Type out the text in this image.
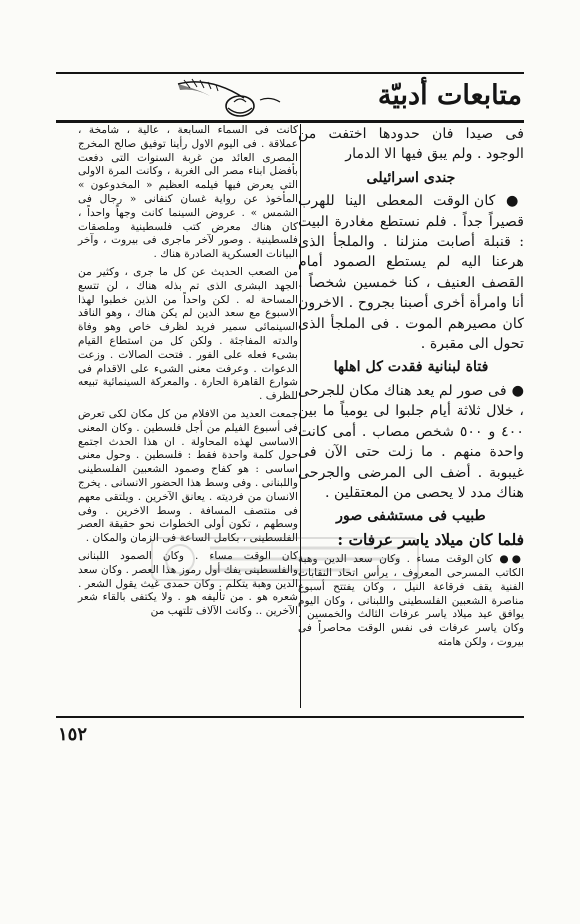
متابعات أدبيّة

فى صيدا فان حدودها اختفت من الوجود . ولم يبق فيها الا الدمار

جندى اسرائيلى

● كان الوقت المعطى الينا للهرب قصيراً جداً . فلم نستطع مغادرة البيت : قنبلة أصابت منزلنا . والملجأ الذى هرعنا اليه لم يستطع الصمود أمام القصف العنيف ، كنا خمسين شخصاً . أنا وامرأة أخرى أصبنا بجروح . الاخرون كان مصيرهم الموت . فى الملجأ الذى تحول الى مقبرة .

فتاة لبنانية فقدت كل اهلها

● فى صور لم يعد هناك مكان للجرحى ، خلال ثلاثة أيام جلبوا لى يومياً ما بين ٤٠٠ و ٥٠٠ شخص مصاب . أمى كانت واحدة منهم . ما زلت حتى الآن فى غيبوبة . أضف الى المرضى والجرحى هناك مدد لا يحصى من المعتقلين .

طبيب فى مستشفى صور

فلما كان ميلاد ياسر عرفات :

●● كان الوقت مساء . وكان سعد الدين وهبة الكاتب المسرحى المعروف ، يرأس اتحاد النقابات الفنية يقف فرقاعة النيل ، وكان يفتتح أسبوع مناصرة الشعبين الفلسطينى واللبنانى ، وكان اليوم يوافق عيد ميلاد ياسر عرفات الثالث والخمسين . وكان ياسر عرفات فى نفس الوقت محاصراً فى بيروت ، ولكن هامته

كانت فى السماء السابعة ، عالية ، شامخة ، عملاقة . فى اليوم الاول رأينا توفيق صالح المخرج المصرى العائد من غربة السنوات التى دفعت بأفضل ابناء مصر الى الغربة ، وكانت المرة الاولى التى يعرض فيها فيلمه العظيم « المخدوعون » المأخوذ عن رواية غسان كنفانى « رجال فى الشمس » . عروض السينما كانت وجهاً واحداً ، كان هناك معرض كتب فلسطينية وملصقات فلسطينية . وصور لآخر ماجرى فى بيروت ، وآخر البيانات العسكرية الصادرة هناك .

من الصعب الحديث عن كل ما جرى ، وكثير من الجهد البشرى الذى تم بذله هناك ، لن تتسع المساحة له . لكن واحداً من الذين خطبوا لهذا الاسبوع مع سعد الدين لم يكن هناك ، وهو الناقد السينمائى سمير فريد لظرف خاص وهو وفاة والدته المفاجئة . ولكن كل من استطاع القيام بشىء فعله على الفور . فتحت الصالات . وزعت الدعوات . وعرفت معنى الشىء على الاقدام فى شوارع القاهرة الحارة . والمعركة السينمائية تبيعه للظرف .

جمعت العديد من الافلام من كل مكان لكى تعرض فى أسبوع الفيلم من أجل فلسطين . وكان المعنى الاساسى لهذه المحاولة . ان هذا الحدث اجتمع حول كلمة واحدة فقط : فلسطين . وحول معنى اساسى : هو كفاح وصمود الشعبين الفلسطينى واللبنانى . وفى وسط هذا الحضور الانسانى . يخرج الانسان من فرديته . يعانق الآخرين . ويلتقى معهم فى منتصف المسافة . وسط الاخرين . وفى وسطهم ، تكون أولى الخطوات نحو حقيقة العصر الفلسطينى ، بكامل الساعة فى الزمان والمكان .

كان الوقت مساء . وكان الصمود اللبنانى والفلسطينى يفك أول رموز هذا العصر . وكان سعد الدين وهبة يتكلم . وكان حمدى غيث يقول الشعر . شعره هو . من تأليفه هو . ولا يكتفى بالقاء شعر الآخرين .. وكانت الآلاف تلتهب من

١٥٢
